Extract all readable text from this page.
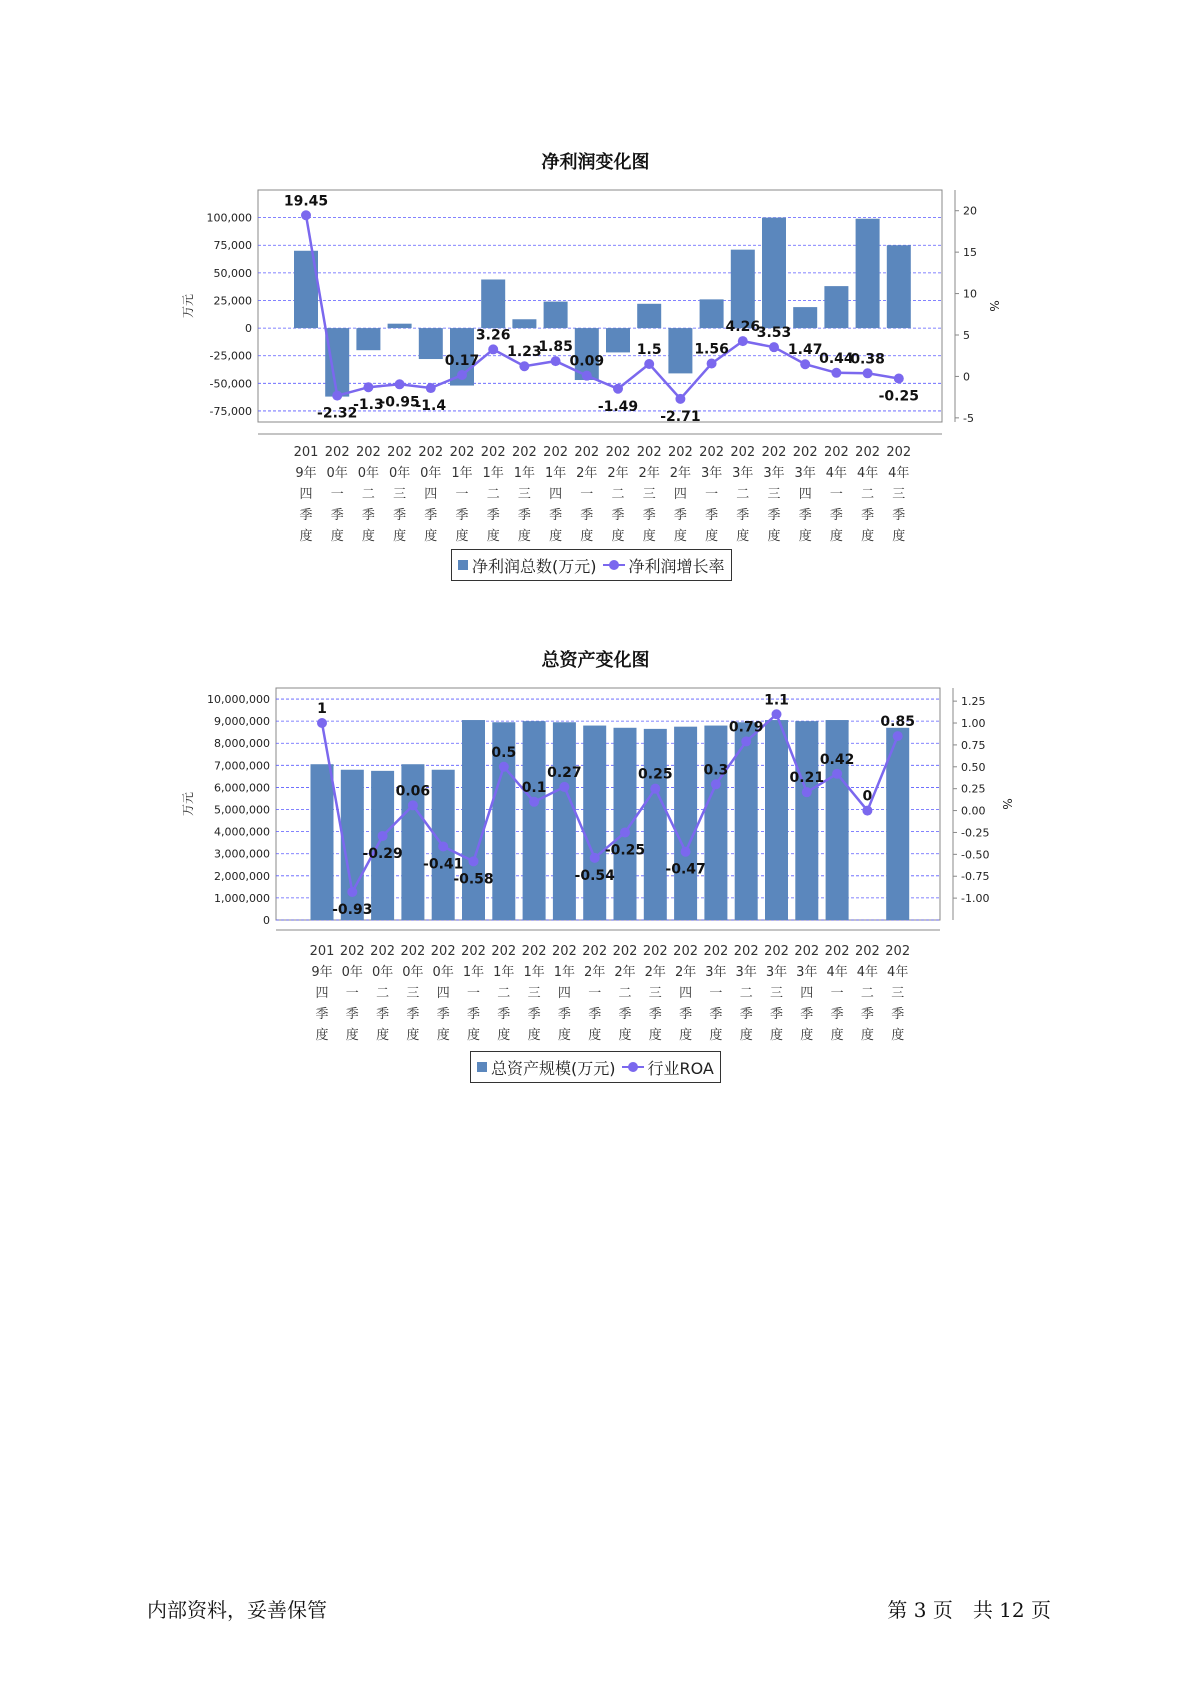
净利润变化图
-75,000
-50,000
-25,000
0
25,000
50,000
75,000
100,000
万元
-5
0
5
10
15
20
%
19.45
-2.32
-1.3
-0.95
-1.4
0.17
3.26
1.23
1.85
0.09
-1.49
1.5
-2.71
1.56
4.26
3.53
1.47
0.44
0.38
-0.25
201
9年
四
季
度
202
0年
一
季
度
202
0年
二
季
度
202
0年
三
季
度
202
0年
四
季
度
202
1年
一
季
度
202
1年
二
季
度
202
1年
三
季
度
202
1年
四
季
度
202
2年
一
季
度
202
2年
二
季
度
202
2年
三
季
度
202
2年
四
季
度
202
3年
一
季
度
202
3年
二
季
度
202
3年
三
季
度
202
3年
四
季
度
202
4年
一
季
度
202
4年
二
季
度
202
4年
三
季
度
净利润总数(万元) 净利润增长率
总资产变化图
0
1,000,000
2,000,000
3,000,000
4,000,000
5,000,000
6,000,000
7,000,000
8,000,000
9,000,000
10,000,000
万元
-1.00
-0.75
-0.50
-0.25
0.00
0.25
0.50
0.75
1.00
1.25
%
1
-0.93
-0.29
0.06
-0.41
-0.58
0.5
0.1
0.27
-0.54
-0.25
0.25
-0.47
0.3
0.79
1.1
0.21
0.42
0
0.85
201
9年
四
季
度
202
0年
一
季
度
202
0年
二
季
度
202
0年
三
季
度
202
0年
四
季
度
202
1年
一
季
度
202
1年
二
季
度
202
1年
三
季
度
202
1年
四
季
度
202
2年
一
季
度
202
2年
二
季
度
202
2年
三
季
度
202
2年
四
季
度
202
3年
一
季
度
202
3年
二
季
度
202
3年
三
季
度
202
3年
四
季
度
202
4年
一
季
度
202
4年
二
季
度
202
4年
三
季
度
总资产规模(万元) 行业ROA
内部资料，妥善保管	第 3 页　共 12 页
